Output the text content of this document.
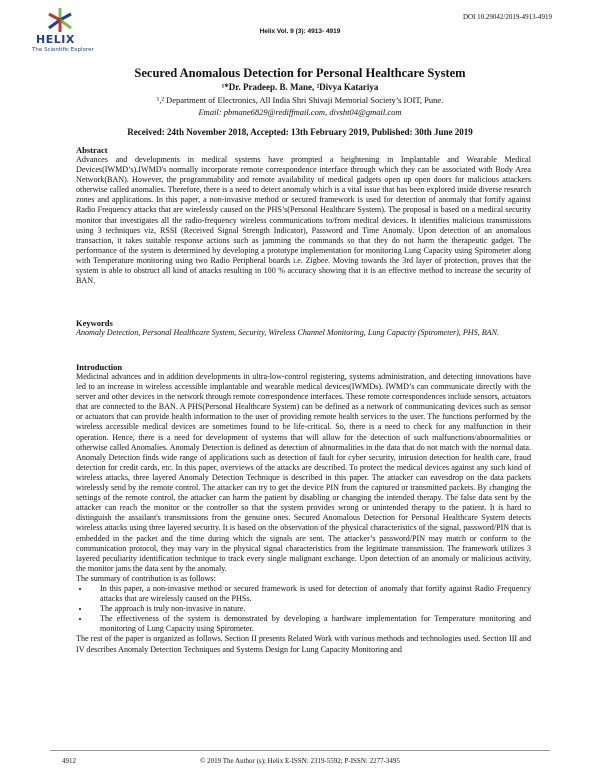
HELIX
The Scientific Explorer
DOI 10.29042/2019-4913-4919
Helix Vol. 9 (3): 4913- 4919
Secured Anomalous Detection for Personal Healthcare System
¹*Dr. Pradeep. B. Mane, ²Divya Katariya
¹,² Department of Electronics, All India Shri Shivaji Memorial Society’s IOIT, Pune.
Email: pbmane6829@rediffmail.com, divsht04@gmail.com
Received: 24th November 2018, Accepted: 13th February 2019, Published: 30th June 2019

Abstract

Advances and developments in medical systems have prompted a heightening in Implantable and Wearable Medical Devices(IWMD’s).IWMD's normally incorporate remote correspondence interface through which they can be associated with Body Area Network(BAN). However, the programmability and remote availability of medical gadgets open up open doors for malicious attackers otherwise called anomalies. Therefore, there is a need to detect anomaly which is a vital issue that has been explored inside diverse research zones and applications. In this paper, a non-invasive method or secured framework is used for detection of anomaly that fortify against Radio Frequency attacks that are wirelessly caused on the PHS’s(Personal Healthcare System). The proposal is based on a medical security monitor that investigates all the radio-frequency wireless communications to/from medical devices. It identifies malicious transmissions using 3 techniques viz, RSSI (Received Signal Strength Indicator), Password and Time Anomaly. Upon detection of an anomalous transaction, it takes suitable response actions such as jamming the commands so that they do not harm the therapeutic gadget. The performance of the system is determined by developing a prototype implementation for monitoring Lung Capacity using Spirometer along with Temperature monitoring using two Radio Peripheral boards i.e. Zigbee. Moving towards the 3rd layer of protection, proves that the system is able to obstruct all kind of attacks resulting in 100 % accuracy showing that it is an effective method to increase the security of BAN.

Keywords

Anomaly Detection, Personal Healthcare System, Security, Wireless Channel Monitoring, Lung Capacity (Spirometer), PHS, BAN.

Introduction

Medicinal advances and in addition developments in ultra-low-control registering, systems administration, and detecting innovations have led to an increase in wireless accessible implantable and wearable medical devices(IWMDs). IWMD’s can communicate directly with the server and other devices in the network through remote correspondence interfaces. These remote correspondences include sensors, actuators that are connected to the BAN. A PHS(Personal Healthcare System) can be defined as a network of communicating devices such as sensor or actuators that can provide health information to the user of providing remote health services to the user. The functions performed by the wireless accessible medical devices are sometimes found to be life-critical. So, there is a need to check for any malfunction in their operation. Hence, there is a need for development of systems that will allow for the detection of such malfunctions/abnormalities or otherwise called Anomalies. Anomaly Detection is defined as detection of abnormalities in the data that do not match with the normal data. Anomaly Detection finds wide range of applications such as detection of fault for cyber security, intrusion detection for health care, fraud detection for credit cards, etc. In this paper, overviews of the attacks are described. To protect the medical devices against any such kind of wireless attacks, three layered Anomaly Detection Technique is described in this paper. The attacker can eavesdrop on the data packets wirelessly send by the remote control. The attacker can try to get the device PIN from the captured or transmitted packets. By changing the settings of the remote control, the attacker can harm the patient by disabling or changing the intended therapy. The false data sent by the attacker can reach the monitor or the controller so that the system provides wrong or unintended therapy to the patient. It is hard to distinguish the assailant's transmissions from the genuine ones. Secured Anomalous Detection for Personal Healthcare System detects wireless attacks using three layered security. It is based on the observation of the physical characteristics of the signal, password/PIN that is embedded in the packet and the time during which the signals are sent. The attacker’s password/PIN may match or conform to the communication protocol, they may vary in the physical signal characteristics from the legitimate transmission. The framework utilizes 3 layered peculiarity identification technique to track every single malignant exchange. Upon detection of an anomaly or malicious activity, the monitor jams the data sent by the anomaly.

The summary of contribution is as follows:

• In this paper, a non-invasive method or secured framework is used for detection of anomaly that fortify against Radio Frequency attacks that are wirelessly caused on the PHSs.
• The approach is truly non-invasive in nature.
• The effectiveness of the system is demonstrated by developing a hardware implementation for Temperature monitoring and monitoring of Lung Capacity using Spirometer.

The rest of the paper is organized as follows. Section II presents Related Work with various methods and technologies used. Section III and IV describes Anomaly Detection Techniques and Systems Design for Lung Capacity Monitoring and

4912	© 2019 The Author (s); Helix E-ISSN: 2319-5592; P-ISSN: 2277-3495
